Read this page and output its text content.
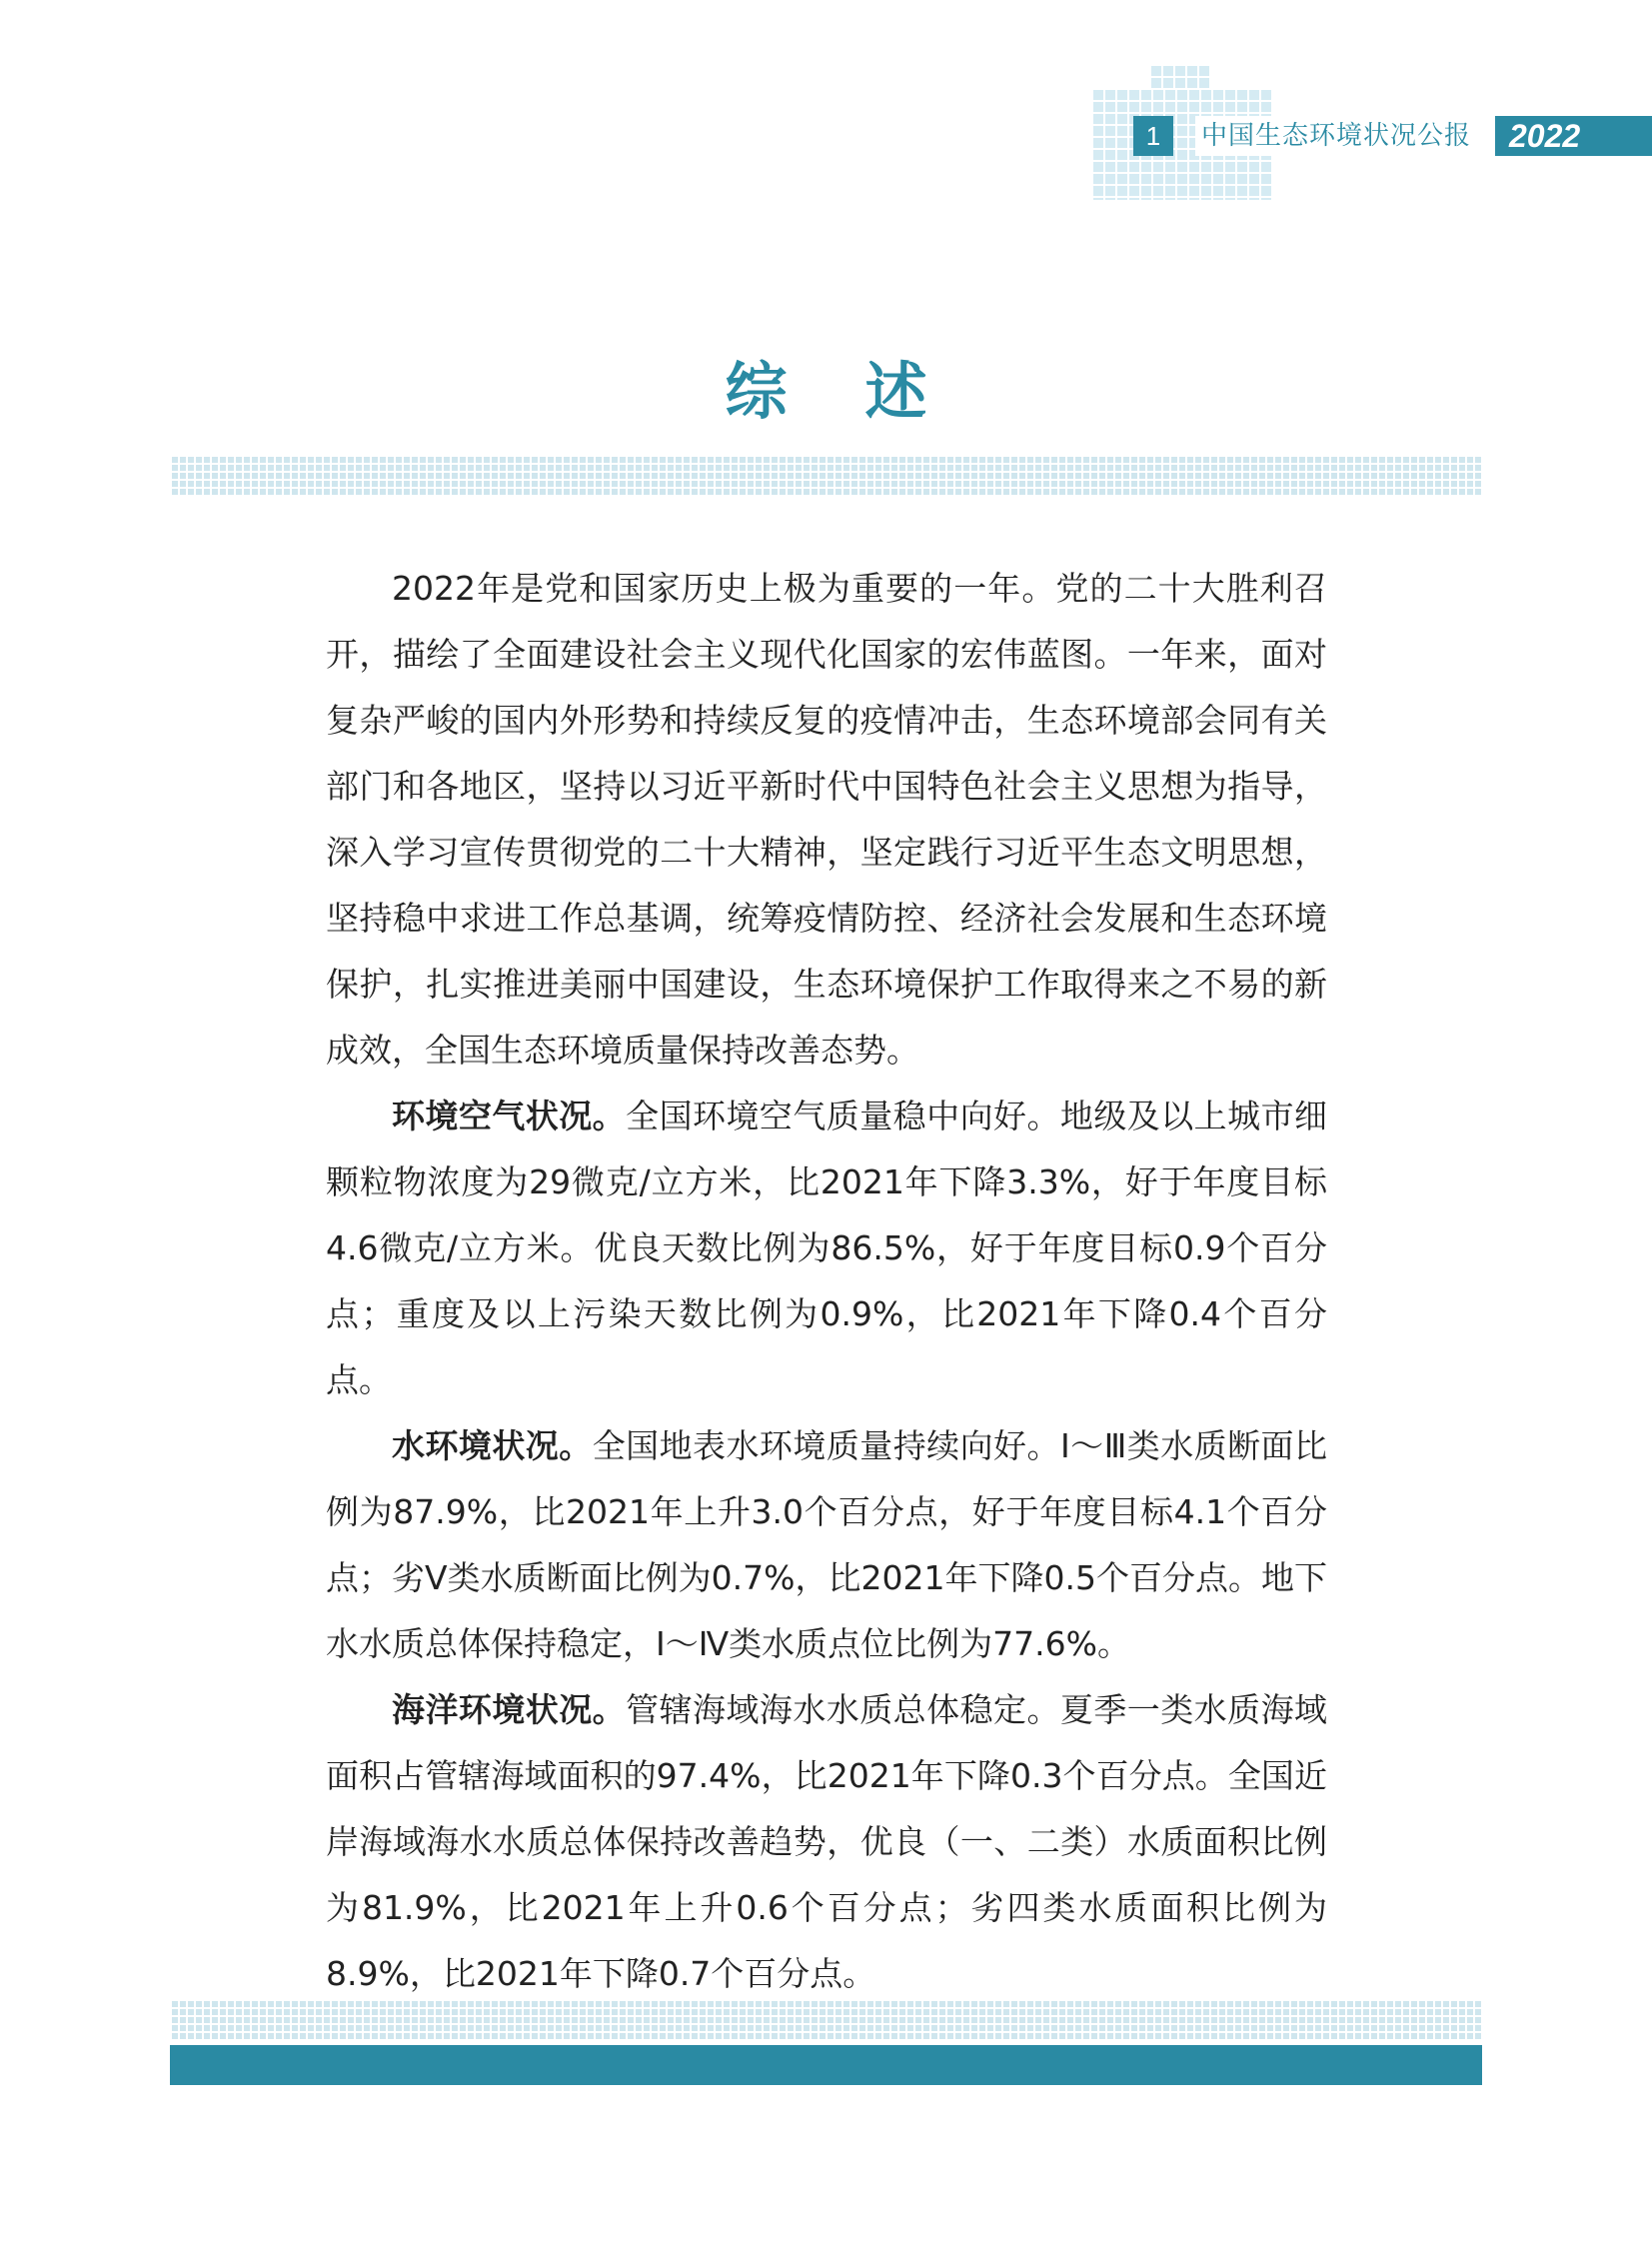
1	中国生态环境状况公报	2022
综述

2022年是党和国家历史上极为重要的一年。党的二十大胜利召开，描绘了全面建设社会主义现代化国家的宏伟蓝图。一年来，面对复杂严峻的国内外形势和持续反复的疫情冲击，生态环境部会同有关部门和各地区，坚持以习近平新时代中国特色社会主义思想为指导，深入学习宣传贯彻党的二十大精神，坚定践行习近平生态文明思想，坚持稳中求进工作总基调，统筹疫情防控、经济社会发展和生态环境保护，扎实推进美丽中国建设，生态环境保护工作取得来之不易的新成效，全国生态环境质量保持改善态势。

环境空气状况。全国环境空气质量稳中向好。地级及以上城市细颗粒物浓度为29微克/立方米，比2021年下降3.3%，好于年度目标4.6微克/立方米。优良天数比例为86.5%，好于年度目标0.9个百分点；重度及以上污染天数比例为0.9%，比2021年下降0.4个百分点。

水环境状况。全国地表水环境质量持续向好。Ⅰ～Ⅲ类水质断面比例为87.9%，比2021年上升3.0个百分点，好于年度目标4.1个百分点；劣Ⅴ类水质断面比例为0.7%，比2021年下降0.5个百分点。地下水水质总体保持稳定，Ⅰ～Ⅳ类水质点位比例为77.6%。

海洋环境状况。管辖海域海水水质总体稳定。夏季一类水质海域面积占管辖海域面积的97.4%，比2021年下降0.3个百分点。全国近岸海域海水水质总体保持改善趋势，优良（一、二类）水质面积比例为81.9%，比2021年上升0.6个百分点；劣四类水质面积比例为8.9%，比2021年下降0.7个百分点。
